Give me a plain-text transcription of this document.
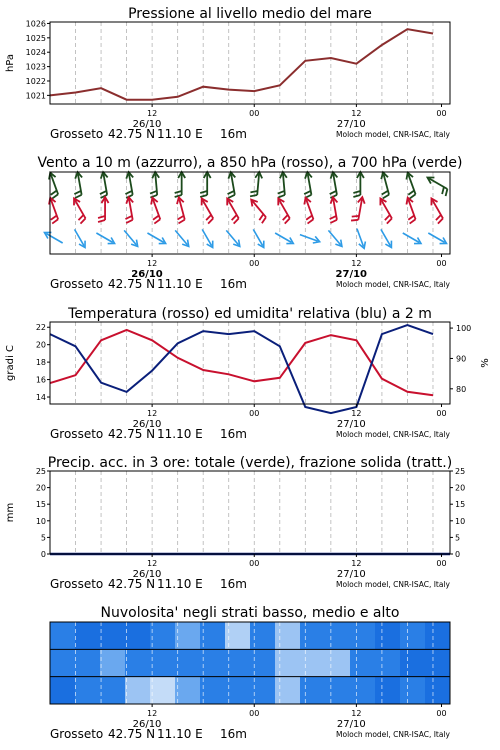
Pressione al livello medio del mare
1021
1022
1023
1024
1025
1026
hPa
12	00	12	00
26/10	27/10
Grosseto 42.75 N 11.10 E 16m	Moloch model, CNR-ISAC, Italy
Vento a 10 m (azzurro), a 850 hPa (rosso), a 700 hPa (verde)
12	00	12	00
26/10	27/10
Grosseto 42.75 N 11.10 E 16m	Moloch model, CNR-ISAC, Italy
Temperatura (rosso) ed umidita' relativa (blu) a 2 m
14
16
18
20
22
gradi C
80
90
100
%
12	00	12	00
26/10	27/10
Grosseto 42.75 N 11.10 E 16m	Moloch model, CNR-ISAC, Italy
Precip. acc. in 3 ore: totale (verde), frazione solida (tratt.)
0
5
10
15
20
25
mm
0
5
10
15
20
25
12	00	12	00
26/10	27/10
Grosseto 42.75 N 11.10 E 16m	Moloch model, CNR-ISAC, Italy
Nuvolosita' negli strati basso, medio e alto
12	00	12	00
26/10	27/10
Grosseto 42.75 N 11.10 E 16m	Moloch model, CNR-ISAC, Italy
